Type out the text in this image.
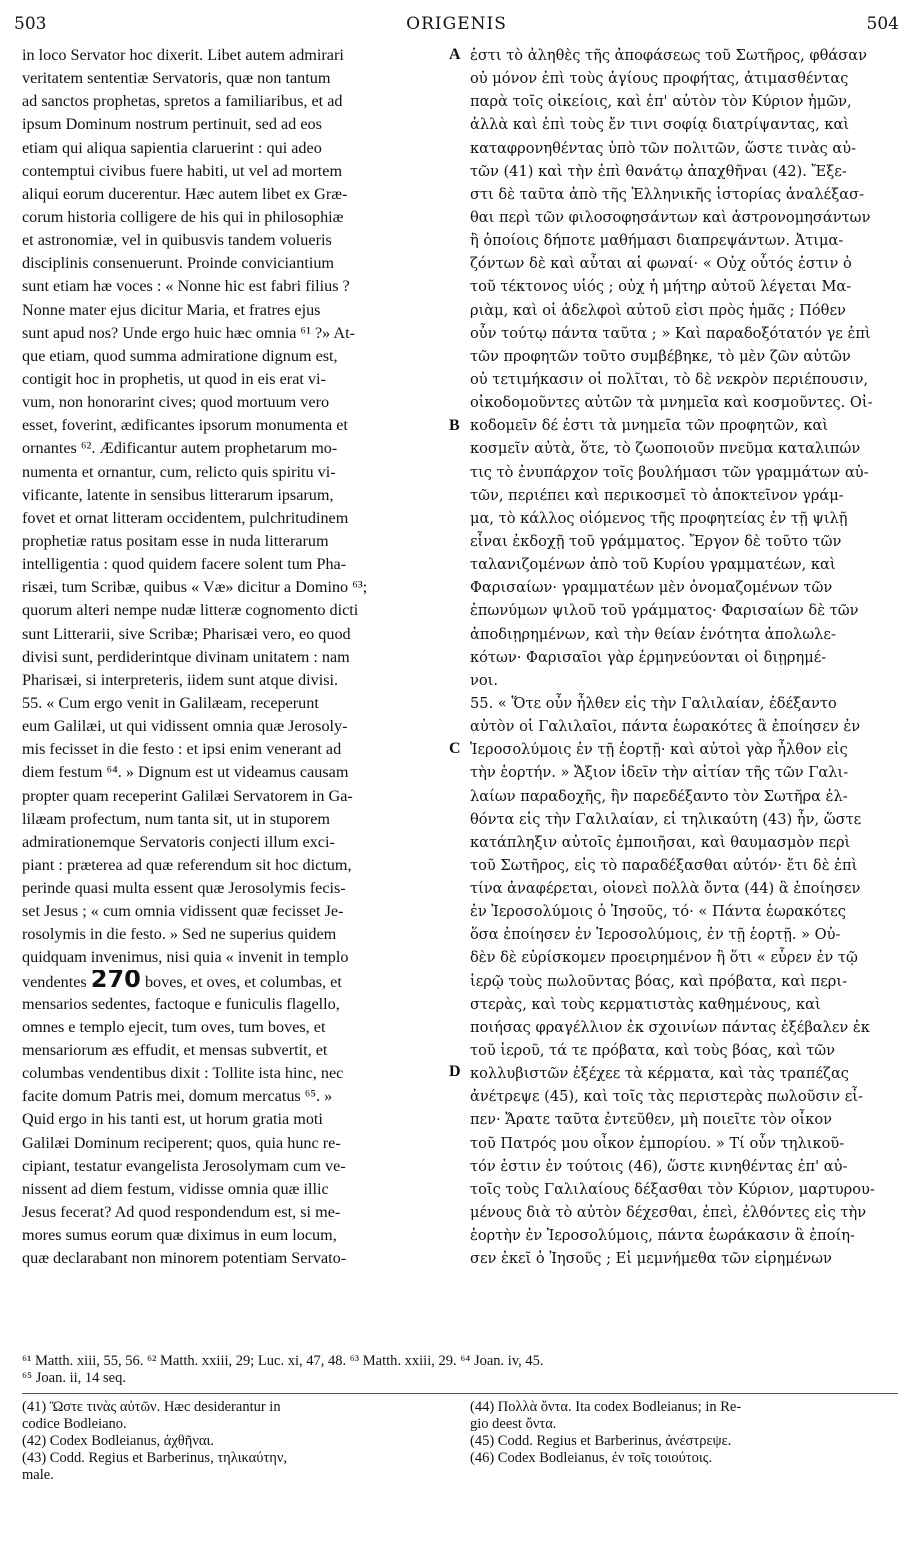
503	ORIGENIS	504
in loco Servator hoc dixerit. Libet autem admirari
veritatem sententiæ Servatoris, quæ non tantum
ad sanctos prophetas, spretos a familiaribus, et ad
ipsum Dominum nostrum pertinuit, sed ad eos
etiam qui aliqua sapientia claruerint : qui adeo
contemptui civibus fuere habiti, ut vel ad mortem
aliqui eorum ducerentur. Hæc autem libet ex Græ-
corum historia colligere de his qui in philosophiæ
et astronomiæ, vel in quibusvis tandem volueris
disciplinis consenuerunt. Proinde conviciantium
sunt etiam hæ voces : « Nonne hic est fabri filius ?
Nonne mater ejus dicitur Maria, et fratres ejus
sunt apud nos? Unde ergo huic hæc omnia ⁶¹ ?» At-
que etiam, quod summa admiratione dignum est,
contigit hoc in prophetis, ut quod in eis erat vi-
vum, non honorarint cives; quod mortuum vero
esset, foverint, ædificantes ipsorum monumenta et
ornantes ⁶². Ædificantur autem prophetarum mo-
numenta et ornantur, cum, relicto quis spiritu vi-
vificante, latente in sensibus litterarum ipsarum,
fovet et ornat litteram occidentem, pulchritudinem
prophetiæ ratus positam esse in nuda litterarum
intelligentia : quod quidem facere solent tum Pha-
risæi, tum Scribæ, quibus « Væ» dicitur a Domino ⁶³;
quorum alteri nempe nudæ litteræ cognomento dicti
sunt Litterarii, sive Scribæ; Pharisæi vero, eo quod
divisi sunt, perdiderintque divinam unitatem : nam
Pharisæi, si interpreteris, iidem sunt atque divisi.
55. « Cum ergo venit in Galilæam, receperunt
eum Galilæi, ut qui vidissent omnia quæ Jerosoly-
mis fecisset in die festo : et ipsi enim venerant ad
diem festum ⁶⁴. » Dignum est ut videamus causam
propter quam receperint Galilæi Servatorem in Ga-
lilæam profectum, num tanta sit, ut in stuporem
admirationemque Servatoris conjecti illum exci-
piant : præterea ad quæ referendum sit hoc dictum,
perinde quasi multa essent quæ Jerosolymis fecis-
set Jesus ; « cum omnia vidissent quæ fecisset Je-
rosolymis in die festo. » Sed ne superius quidem
quidquam invenimus, nisi quia « invenit in templo
vendentes 270 boves, et oves, et columbas, et
mensarios sedentes, factoque e funiculis flagello,
omnes e templo ejecit, tum oves, tum boves, et
mensariorum æs effudit, et mensas subvertit, et
columbas vendentibus dixit : Tollite ista hinc, nec
facite domum Patris mei, domum mercatus ⁶⁵. »
Quid ergo in his tanti est, ut horum gratia moti
Galilæi Dominum reciperent; quos, quia hunc re-
cipiant, testatur evangelista Jerosolymam cum ve-
nissent ad diem festum, vidisse omnia quæ illic
Jesus fecerat? Ad quod respondendum est, si me-
mores sumus eorum quæ diximus in eum locum,
quæ declarabant non minorem potentiam Servato-
ἐστι τὸ ἀληθὲς τῆς ἀποφάσεως τοῦ Σωτῆρος, φθάσαν
οὐ μόνον ἐπὶ τοὺς ἁγίους προφήτας, ἀτιμασθέντας
παρὰ τοῖς οἰκείοις, καὶ ἐπ' αὐτὸν τὸν Κύριον ἡμῶν,
ἀλλὰ καὶ ἐπὶ τοὺς ἔν τινι σοφίᾳ διατρίψαντας, καὶ
καταφρονηθέντας ὑπὸ τῶν πολιτῶν, ὥστε τινὰς αὐ-
τῶν (41) καὶ τὴν ἐπὶ θανάτῳ ἀπαχθῆναι (42). Ἔξε-
στι δὲ ταῦτα ἀπὸ τῆς Ἑλληνικῆς ἱστορίας ἀναλέξασ-
θαι περὶ τῶν φιλοσοφησάντων καὶ ἀστρονομησάντων
ἢ ὁποίοις δήποτε μαθήμασι διαπρεψάντων. Ἀτιμα-
ζόντων δὲ καὶ αὗται αἱ φωναί· « Οὐχ οὗτός ἐστιν ὁ
τοῦ τέκτονος υἱός ; οὐχ ἡ μήτηρ αὐτοῦ λέγεται Μα-
ριὰμ, καὶ οἱ ἀδελφοὶ αὐτοῦ εἰσι πρὸς ἡμᾶς ; Πόθεν
οὖν τούτῳ πάντα ταῦτα ; » Καὶ παραδοξότατόν γε ἐπὶ
τῶν προφητῶν τοῦτο συμβέβηκε, τὸ μὲν ζῶν αὐτῶν
οὐ τετιμήκασιν οἱ πολῖται, τὸ δὲ νεκρὸν περιέπουσιν,
οἰκοδομοῦντες αὐτῶν τὰ μνημεῖα καὶ κοσμοῦντες. Οἰ-
κοδομεῖν δέ ἐστι τὰ μνημεῖα τῶν προφητῶν, καὶ
κοσμεῖν αὐτὰ, ὅτε, τὸ ζωοποιοῦν πνεῦμα καταλιπών
τις τὸ ἐνυπάρχον τοῖς βουλήμασι τῶν γραμμάτων αὐ-
τῶν, περιέπει καὶ περικοσμεῖ τὸ ἀποκτεῖνον γράμ-
μα, τὸ κάλλος οἰόμενος τῆς προφητείας ἐν τῇ ψιλῇ
εἶναι ἐκδοχῇ τοῦ γράμματος. Ἔργον δὲ τοῦτο τῶν
ταλανιζομένων ἀπὸ τοῦ Κυρίου γραμματέων, καὶ
Φαρισαίων· γραμματέων μὲν ὀνομαζομένων τῶν
ἐπωνύμων ψιλοῦ τοῦ γράμματος· Φαρισαίων δὲ τῶν
ἀποδιῃρημένων, καὶ τὴν θείαν ἑνότητα ἀπολωλε-
κότων· Φαρισαῖοι γὰρ ἑρμηνεύονται οἱ διῃρημέ-
νοι.
55. « Ὅτε οὖν ἦλθεν εἰς τὴν Γαλιλαίαν, ἐδέξαντο
αὐτὸν οἱ Γαλιλαῖοι, πάντα ἑωρακότες ἃ ἐποίησεν ἐν
Ἱεροσολύμοις ἐν τῇ ἑορτῇ· καὶ αὐτοὶ γὰρ ἦλθον εἰς
τὴν ἑορτήν. » Ἄξιον ἰδεῖν τὴν αἰτίαν τῆς τῶν Γαλι-
λαίων παραδοχῆς, ἣν παρεδέξαντο τὸν Σωτῆρα ἐλ-
θόντα εἰς τὴν Γαλιλαίαν, εἰ τηλικαύτη (43) ἦν, ὥστε
κατάπληξιν αὐτοῖς ἐμποιῆσαι, καὶ θαυμασμὸν περὶ
τοῦ Σωτῆρος, εἰς τὸ παραδέξασθαι αὐτόν· ἔτι δὲ ἐπὶ
τίνα ἀναφέρεται, οἱονεὶ πολλὰ ὄντα (44) ἃ ἐποίησεν
ἐν Ἱεροσολύμοις ὁ Ἰησοῦς, τό· « Πάντα ἑωρακότες
ὅσα ἐποίησεν ἐν Ἱεροσολύμοις, ἐν τῇ ἑορτῇ. » Οὐ-
δὲν δὲ εὑρίσκομεν προειρημένον ἢ ὅτι « εὗρεν ἐν τῷ
ἱερῷ τοὺς πωλοῦντας βόας, καὶ πρόβατα, καὶ περι-
στερὰς, καὶ τοὺς κερματιστὰς καθημένους, καὶ
ποιήσας φραγέλλιον ἐκ σχοινίων πάντας ἐξέβαλεν ἐκ
τοῦ ἱεροῦ, τά τε πρόβατα, καὶ τοὺς βόας, καὶ τῶν
κολλυβιστῶν ἐξέχεε τὰ κέρματα, καὶ τὰς τραπέζας
ἀνέτρεψε (45), καὶ τοῖς τὰς περιστερὰς πωλοῦσιν εἶ-
πεν· Ἄρατε ταῦτα ἐντεῦθεν, μὴ ποιεῖτε τὸν οἶκον
τοῦ Πατρός μου οἶκον ἐμπορίου. » Τί οὖν τηλικοῦ-
τόν ἐστιν ἐν τούτοις (46), ὥστε κινηθέντας ἐπ' αὐ-
τοῖς τοὺς Γαλιλαίους δέξασθαι τὸν Κύριον, μαρτυρου-
μένους διὰ τὸ αὐτὸν δέχεσθαι, ἐπεὶ, ἐλθόντες εἰς τὴν
ἑορτὴν ἐν Ἱεροσολύμοις, πάντα ἑωράκασιν ἃ ἐποίη-
σεν ἐκεῖ ὁ Ἰησοῦς ; Εἰ μεμνήμεθα τῶν εἰρημένων
A
B
C
D
⁶¹ Matth. xiii, 55, 56. ⁶² Matth. xxiii, 29; Luc. xi, 47, 48. ⁶³ Matth. xxiii, 29. ⁶⁴ Joan. iv, 45.
⁶⁵ Joan. ii, 14 seq.
(41) Ὥστε τινὰς αὐτῶν. Hæc desiderantur in
codice Bodleiano.
(42) Codex Bodleianus, ἀχθῆναι.
(43) Codd. Regius et Barberinus, τηλικαύτην,
male.
(44) Πολλὰ ὄντα. Ita codex Bodleianus; in Re-
gio deest ὄντα.
(45) Codd. Regius et Barberinus, ἀνέστρεψε.
(46) Codex Bodleianus, ἐν τοῖς τοιούτοις.
